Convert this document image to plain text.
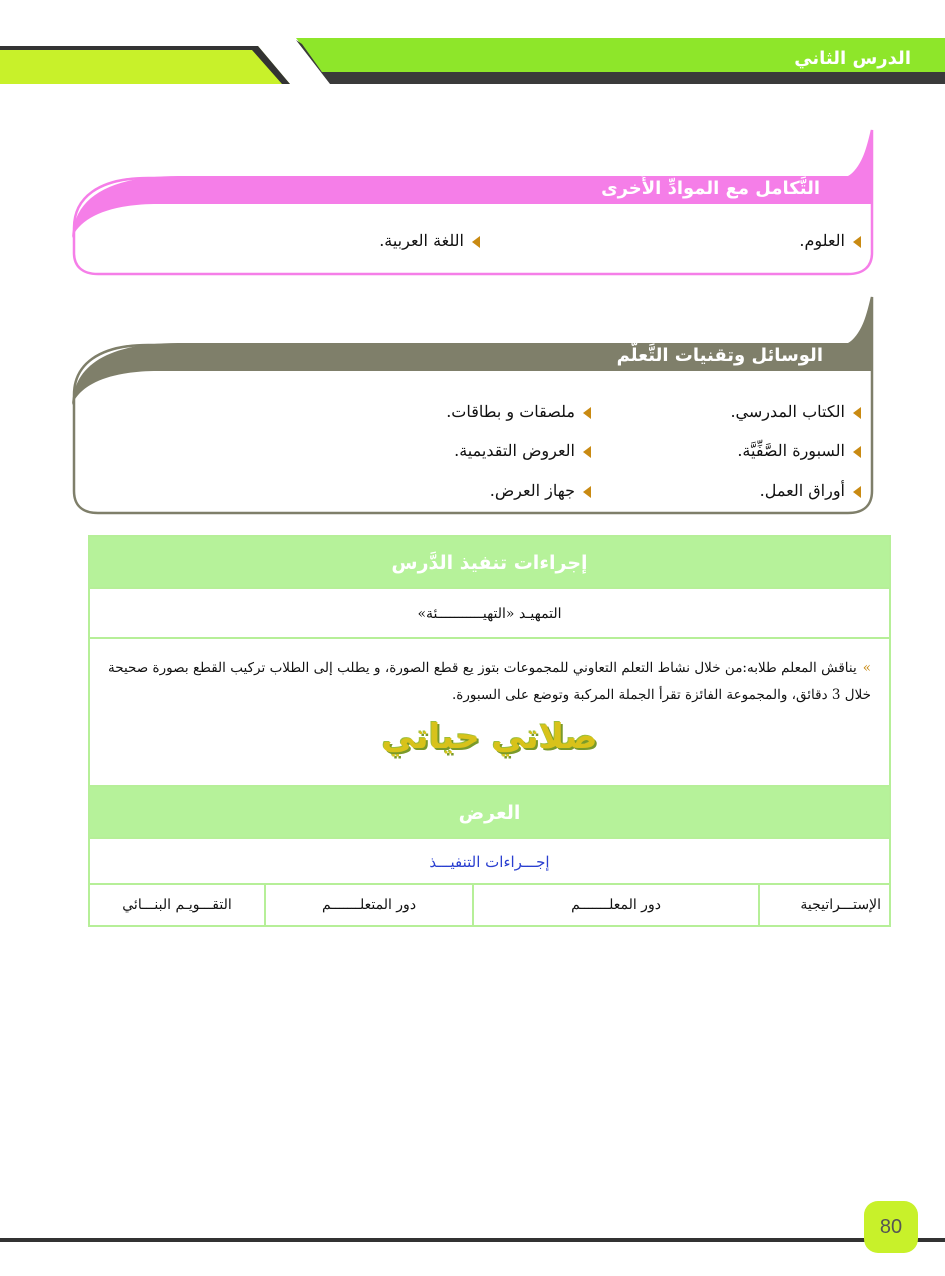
الدرس الثاني
التَّكامل مع الموادِّ الأُخرى
العلوم.
اللغة العربية.
الوسائل وتقنيات التَّعلُّم
الكتاب المدرسي.
السبورة الصَّفِّيَّة.
أوراق العمل.
ملصقات و بطاقات.
العروض التقديمية.
جهاز العرض.
إجراءات تنفيذ الدَّرس
التمهيـد «التهيـــــــــــئة»
»يناقش المعلم طلابه:من خلال نشاط التعلم التعاوني للمجموعات بتوز يع قطع الصورة، و يطلب إلى الطلاب تركيب القطع بصورة صحيحة خلال 3 دقائق، والمجموعة الفائزة تقرأ الجملة المركبة وتوضع على السبورة.
صلاتي حياتي
العرض
إجـــراءات التنفيـــذ
الإستـــراتيجية
دور المعلـــــــم
دور المتعلـــــــم
التقـــويـم البنـــائي
80
